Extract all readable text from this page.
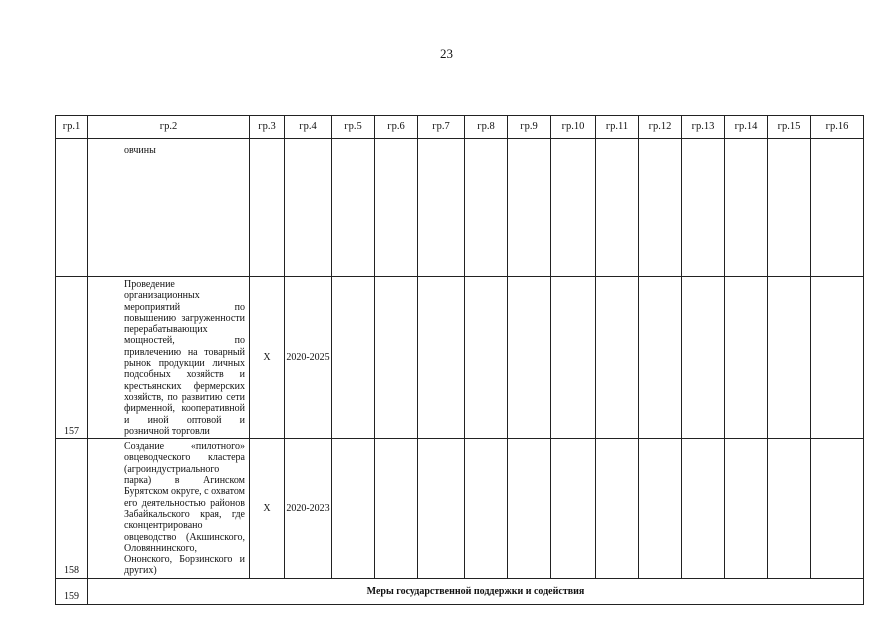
23
гр.1	гр.2	гр.3	гр.4	гр.5	гр.6	гр.7	гр.8	гр.9	гр.10	гр.11	гр.12	гр.13	гр.14	гр.15	гр.16
	овчины														
157	Проведение организационных мероприятий по повышению загруженности перерабатывающих мощностей, по привлечению на товарный рынок продукции личных подсобных хозяйств и крестьянских фермерских хозяйств, по развитию сети фирменной, кооперативной и иной оптовой и розничной торговли	X	2020-2025												
158	Создание «пилотного» овцеводческого кластера (агроиндустриального парка) в Агинском Бурятском округе, с охватом его деятельностью районов Забайкальского края, где сконцентрировано овцеводство (Акшинского, Оловяннинского, Ононского, Борзинского и других)	X	2020-2023												
159	Меры государственной поддержки и содействия														
